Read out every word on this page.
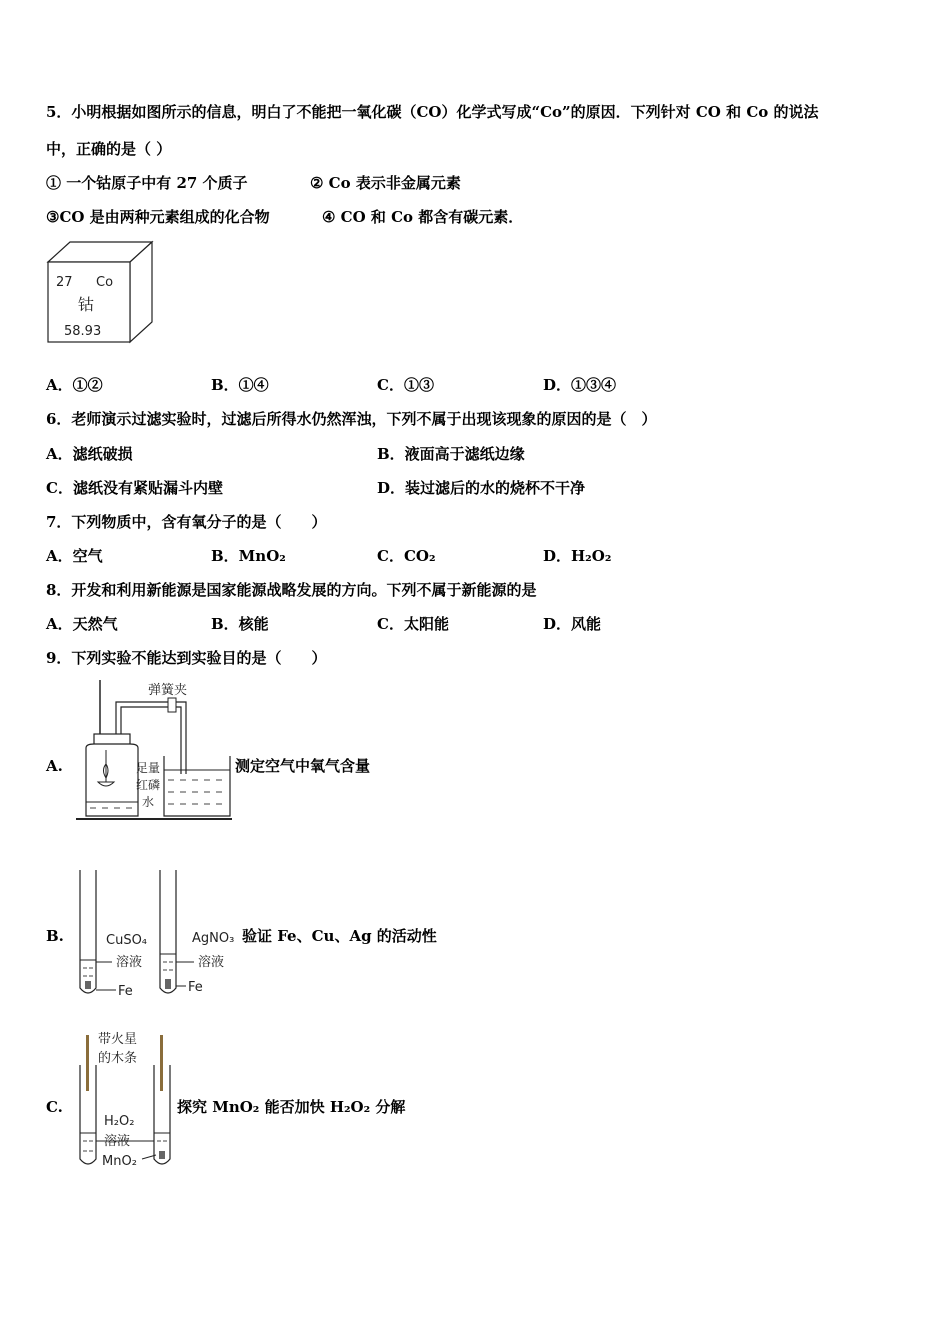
5．小明根据如图所示的信息，明白了不能把一氧化碳（CO）化学式写成“Co”的原因．下列针对 CO 和 Co 的说法
中，正确的是（ ）
① 一个钴原子中有 27 个质子	② Co 表示非金属元素
③CO 是由两种元素组成的化合物	④ CO 和 Co 都含有碳元素．
27 Co
钴
58.93
A．①②	B．①④	C．①③	D．①③④
6．老师演示过滤实验时，过滤后所得水仍然浑浊，下列不属于出现该现象的原因的是（　）
A．滤纸破损	B．液面高于滤纸边缘
C．滤纸没有紧贴漏斗内壁	D．装过滤后的水的烧杯不干净
7．下列物质中，含有氧分子的是（　　）
A．空气	B．MnO₂	C．CO₂	D．H₂O₂
8．开发和利用新能源是国家能源战略发展的方向。下列不属于新能源的是
A．天然气	B．核能	C．太阳能	D．风能
9．下列实验不能达到实验目的是（　　）
A.
弹簧夹
足量
红磷
水
测定空气中氧气含量
B.	CuSO₄
溶液
Fe
AgNO₃
溶液
Fe
验证 Fe、Cu、Ag 的活动性
C.
带火星
的木条
H₂O₂
溶液
MnO₂
探究 MnO₂ 能否加快 H₂O₂ 分解
